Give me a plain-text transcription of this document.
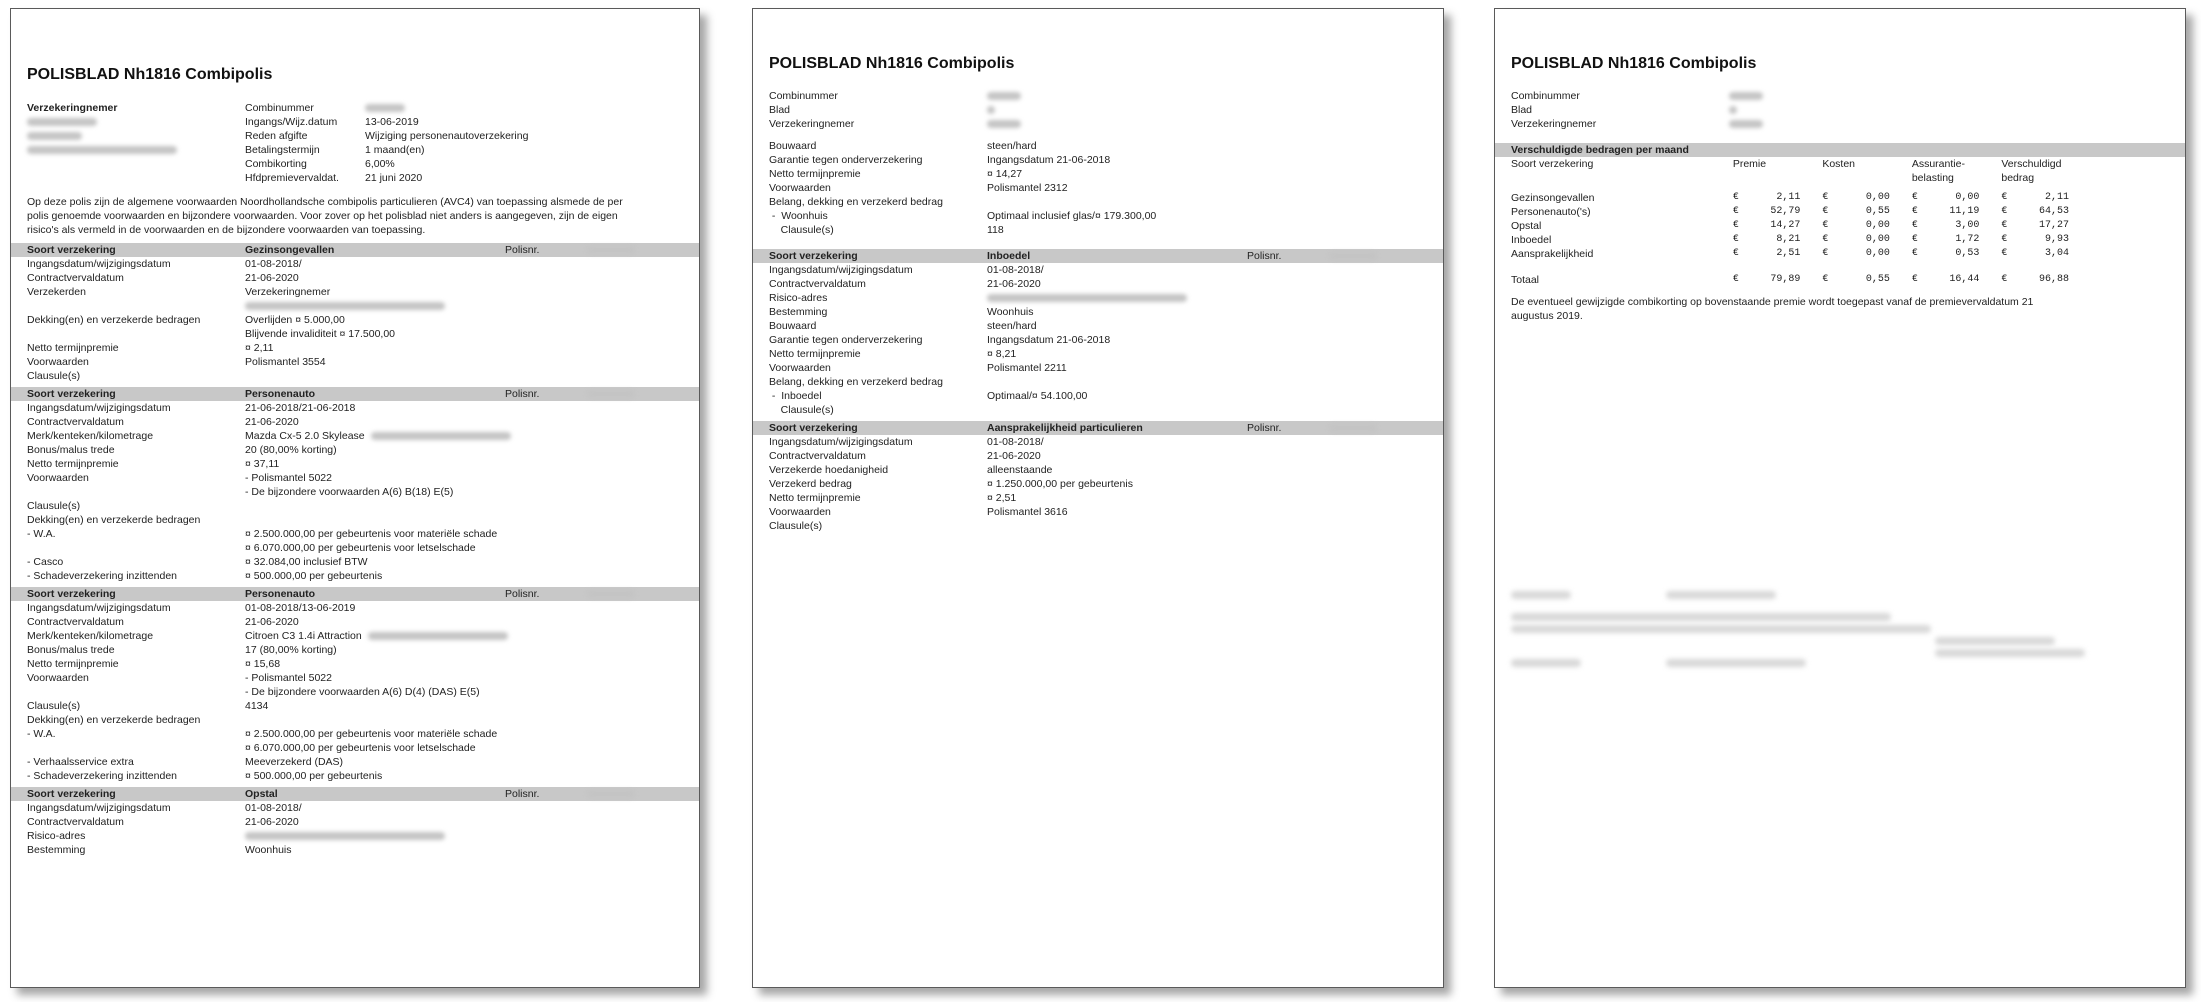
POLISBLAD Nh1816 Combipolis
Verzekeringnemer	Combinummer
Ingangs/Wijz.datum	13-06-2019
Reden afgifte	Wijziging personenautoverzekering
Betalingstermijn	1 maand(en)
Combikorting	6,00%
Hfdpremievervaldat.	21 juni 2020
Op deze polis zijn de algemene voorwaarden Noordhollandsche combipolis particulieren (AVC4) van toepassing alsmede de per polis genoemde voorwaarden en bijzondere voorwaarden. Voor zover op het polisblad niet anders is aangegeven, zijn de eigen risico's als vermeld in de voorwaarden en de bijzondere voorwaarden van toepassing.
Soort verzekering	Gezinsongevallen	Polisnr.
Ingangsdatum/wijzigingsdatum	01-08-2018/
Contractvervaldatum	21-06-2020
Verzekerden	Verzekeringnemer
Dekking(en) en verzekerde bedragen	Overlijden ¤ 5.000,00
Blijvende invaliditeit ¤ 17.500,00
Netto termijnpremie	¤ 2,11
Voorwaarden	Polismantel 3554
Clausule(s)
Soort verzekering	Personenauto	Polisnr.
Ingangsdatum/wijzigingsdatum	21-06-2018/21-06-2018
Contractvervaldatum	21-06-2020
Merk/kenteken/kilometrage	Mazda Cx-5 2.0 Skylease
Bonus/malus trede	20 (80,00% korting)
Netto termijnpremie	¤ 37,11
Voorwaarden	- Polismantel 5022
- De bijzondere voorwaarden A(6) B(18) E(5)
Clausule(s)
Dekking(en) en verzekerde bedragen
- W.A.	¤ 2.500.000,00 per gebeurtenis voor materiële schade
¤ 6.070.000,00 per gebeurtenis voor letselschade
- Casco	¤ 32.084,00 inclusief BTW
- Schadeverzekering inzittenden	¤ 500.000,00 per gebeurtenis
Soort verzekering	Personenauto	Polisnr.
Ingangsdatum/wijzigingsdatum	01-08-2018/13-06-2019
Contractvervaldatum	21-06-2020
Merk/kenteken/kilometrage	Citroen C3 1.4i Attraction
Bonus/malus trede	17 (80,00% korting)
Netto termijnpremie	¤ 15,68
Voorwaarden	- Polismantel 5022
- De bijzondere voorwaarden A(6) D(4) (DAS) E(5)
Clausule(s)	4134
Dekking(en) en verzekerde bedragen
- W.A.	¤ 2.500.000,00 per gebeurtenis voor materiële schade
¤ 6.070.000,00 per gebeurtenis voor letselschade
- Verhaalsservice extra	Meeverzekerd (DAS)
- Schadeverzekering inzittenden	¤ 500.000,00 per gebeurtenis
Soort verzekering	Opstal	Polisnr.
Ingangsdatum/wijzigingsdatum	01-08-2018/
Contractvervaldatum	21-06-2020
Risico-adres
Bestemming	Woonhuis
POLISBLAD Nh1816 Combipolis
Combinummer
Blad
Verzekeringnemer
Bouwaard	steen/hard
Garantie tegen onderverzekering	Ingangsdatum 21-06-2018
Netto termijnpremie	¤ 14,27
Voorwaarden	Polismantel 2312
Belang, dekking en verzekerd bedrag
-  Woonhuis	Optimaal inclusief glas/¤ 179.300,00
Clausule(s)	118
Soort verzekering	Inboedel	Polisnr.
Ingangsdatum/wijzigingsdatum	01-08-2018/
Contractvervaldatum	21-06-2020
Risico-adres
Bestemming	Woonhuis
Bouwaard	steen/hard
Garantie tegen onderverzekering	Ingangsdatum 21-06-2018
Netto termijnpremie	¤ 8,21
Voorwaarden	Polismantel 2211
Belang, dekking en verzekerd bedrag
-  Inboedel	Optimaal/¤ 54.100,00
Clausule(s)
Soort verzekering	Aansprakelijkheid particulieren	Polisnr.
Ingangsdatum/wijzigingsdatum	01-08-2018/
Contractvervaldatum	21-06-2020
Verzekerde hoedanigheid	alleenstaande
Verzekerd bedrag	¤ 1.250.000,00 per gebeurtenis
Netto termijnpremie	¤ 2,51
Voorwaarden	Polismantel 3616
Clausule(s)
POLISBLAD Nh1816 Combipolis
Combinummer
Blad
Verzekeringnemer
Verschuldigde bedragen per maand
Soort verzekering	Premie		Kosten		Assurantie-
belasting		Verschuldigd
bedrag	

Gezinsongevallen	€	2,11	€	0,00	€	0,00	€	2,11
Personenauto('s)	€	52,79	€	0,55	€	11,19	€	64,53
Opstal	€	14,27	€	0,00	€	3,00	€	17,27
Inboedel	€	8,21	€	0,00	€	1,72	€	9,93
Aansprakelijkheid	€	2,51	€	0,00	€	0,53	€	3,04

Totaal	€	79,89	€	0,55	€	16,44	€	96,88
De eventueel gewijzigde combikorting op bovenstaande premie wordt toegepast vanaf de premievervaldatum 21 augustus 2019.
